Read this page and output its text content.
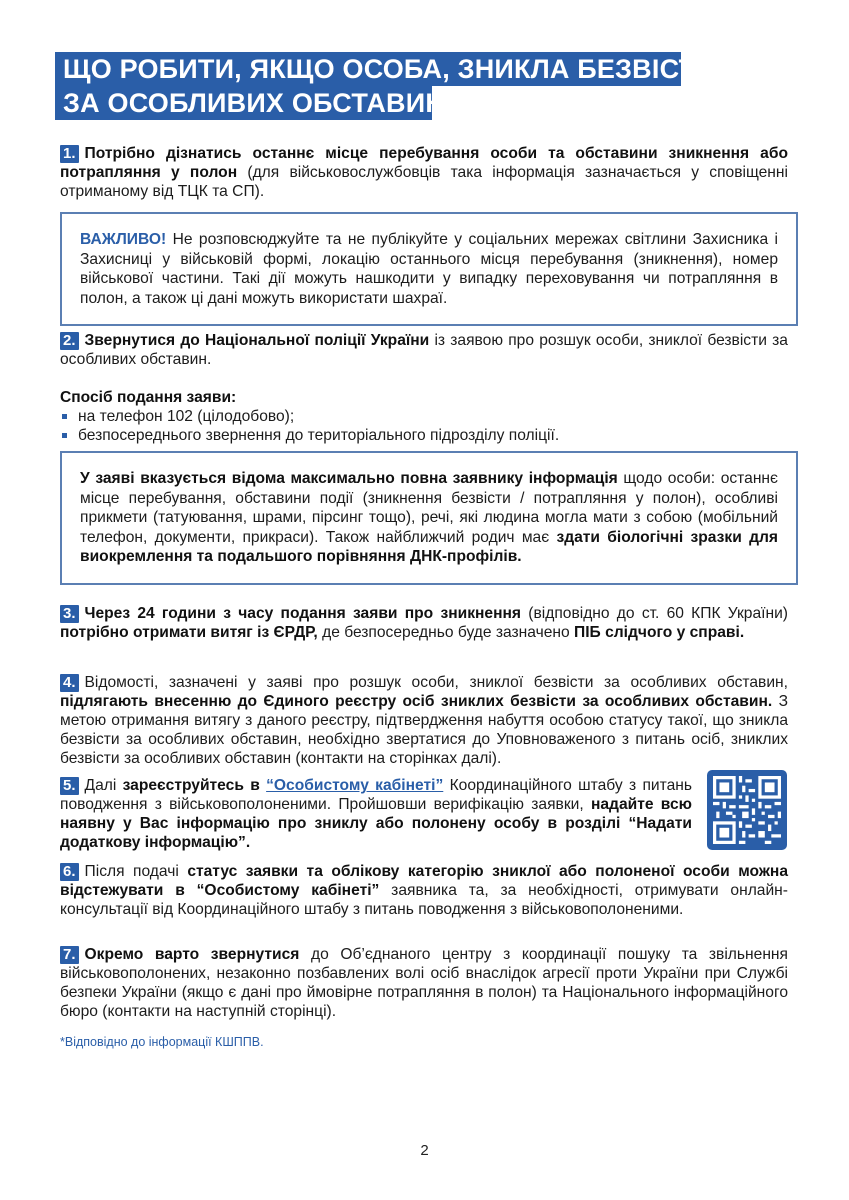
ЩО РОБИТИ, ЯКЩО ОСОБА, ЗНИКЛА БЕЗВІСТИ
ЗА ОСОБЛИВИХ ОБСТАВИН*
1. Потрібно дізнатись останнє місце перебування особи та обставини зникнення або потрапляння у полон (для військовослужбовців така інформація зазначається у сповіщенні отриманому від ТЦК та СП).
ВАЖЛИВО! Не розповсюджуйте та не публікуйте у соціальних мережах світлини Захисника і Захисниці у військовій формі, локацію останнього місця перебування (зникнення), номер військової частини. Такі дії можуть нашкодити у випадку переховування чи потрапляння в полон, а також ці дані можуть використати шахраї.
2. Звернутися до Національної поліції України із заявою про розшук особи, зниклої безвісти за особливих обставин.
Спосіб подання заяви:
на телефон 102 (цілодобово);
безпосереднього звернення до територіального підрозділу поліції.
У заяві вказується відома максимально повна заявнику інформація щодо особи: останнє місце перебування, обставини події (зникнення безвісти / потрапляння у полон), особливі прикмети (татуювання, шрами, пірсинг тощо), речі, які людина могла мати з собою (мобільний телефон, документи, прикраси). Також найближчий родич має здати біологічні зразки для виокремлення та подальшого порівняння ДНК-профілів.
3. Через 24 години з часу подання заяви про зникнення (відповідно до ст. 60 КПК України) потрібно отримати витяг із ЄРДР, де безпосередньо буде зазначено ПІБ слідчого у справі.
4. Відомості, зазначені у заяві про розшук особи, зниклої безвісти за особливих обставин, підлягають внесенню до Єдиного реєстру осіб зниклих безвісти за особливих обставин. З метою отримання витягу з даного реєстру, підтвердження набуття особою статусу такої, що зникла безвісти за особливих обставин, необхідно звертатися до Уповноваженого з питань осіб, зниклих безвісти за особливих обставин (контакти на сторінках далі).
5. Далі зареєструйтесь в “Особистому кабінеті” Координаційного штабу з питань поводження з військовополоненими. Пройшовши верифікацію заявки, надайте всю наявну у Вас інформацію про зниклу або полонену особу в розділі “Надати додаткову інформацію”.
6. Після подачі статус заявки та облікову категорію зниклої або полоненої особи можна відстежувати в “Особистому кабінеті” заявника та, за необхідності, отримувати онлайн-консультації від Координаційного штабу з питань поводження з військовополоненими.
7. Окремо варто звернутися до Об’єднаного центру з координації пошуку та звільнення військовополонених, незаконно позбавлених волі осіб внаслідок агресії проти України при Службі безпеки України (якщо є дані про ймовірне потрапляння в полон) та Національного інформаційного бюро (контакти на наступній сторінці).
*Відповідно до інформації КШППВ.
2
